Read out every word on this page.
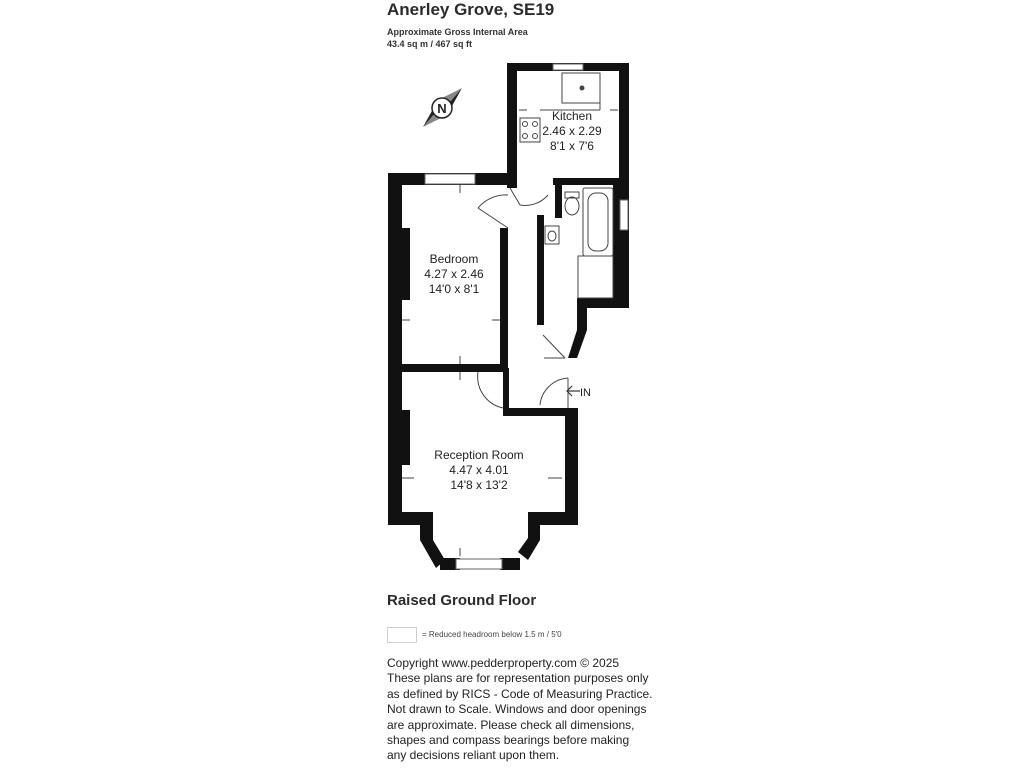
Anerley Grove, SE19
Approximate Gross Internal Area
43.4 sq m / 467 sq ft
N
IN
Kitchen
2.46 x 2.29
8'1 x 7'6
Bedroom
4.27 x 2.46
14'0 x 8'1
Reception Room
4.47 x 4.01
14'8 x 13'2
Raised Ground Floor
= Reduced headroom below 1.5 m / 5'0
Copyright www.pedderproperty.com © 2025
These plans are for representation purposes only
as defined by RICS - Code of Measuring Practice.
Not drawn to Scale. Windows and door openings
are approximate. Please check all dimensions,
shapes and compass bearings before making
any decisions reliant upon them.
